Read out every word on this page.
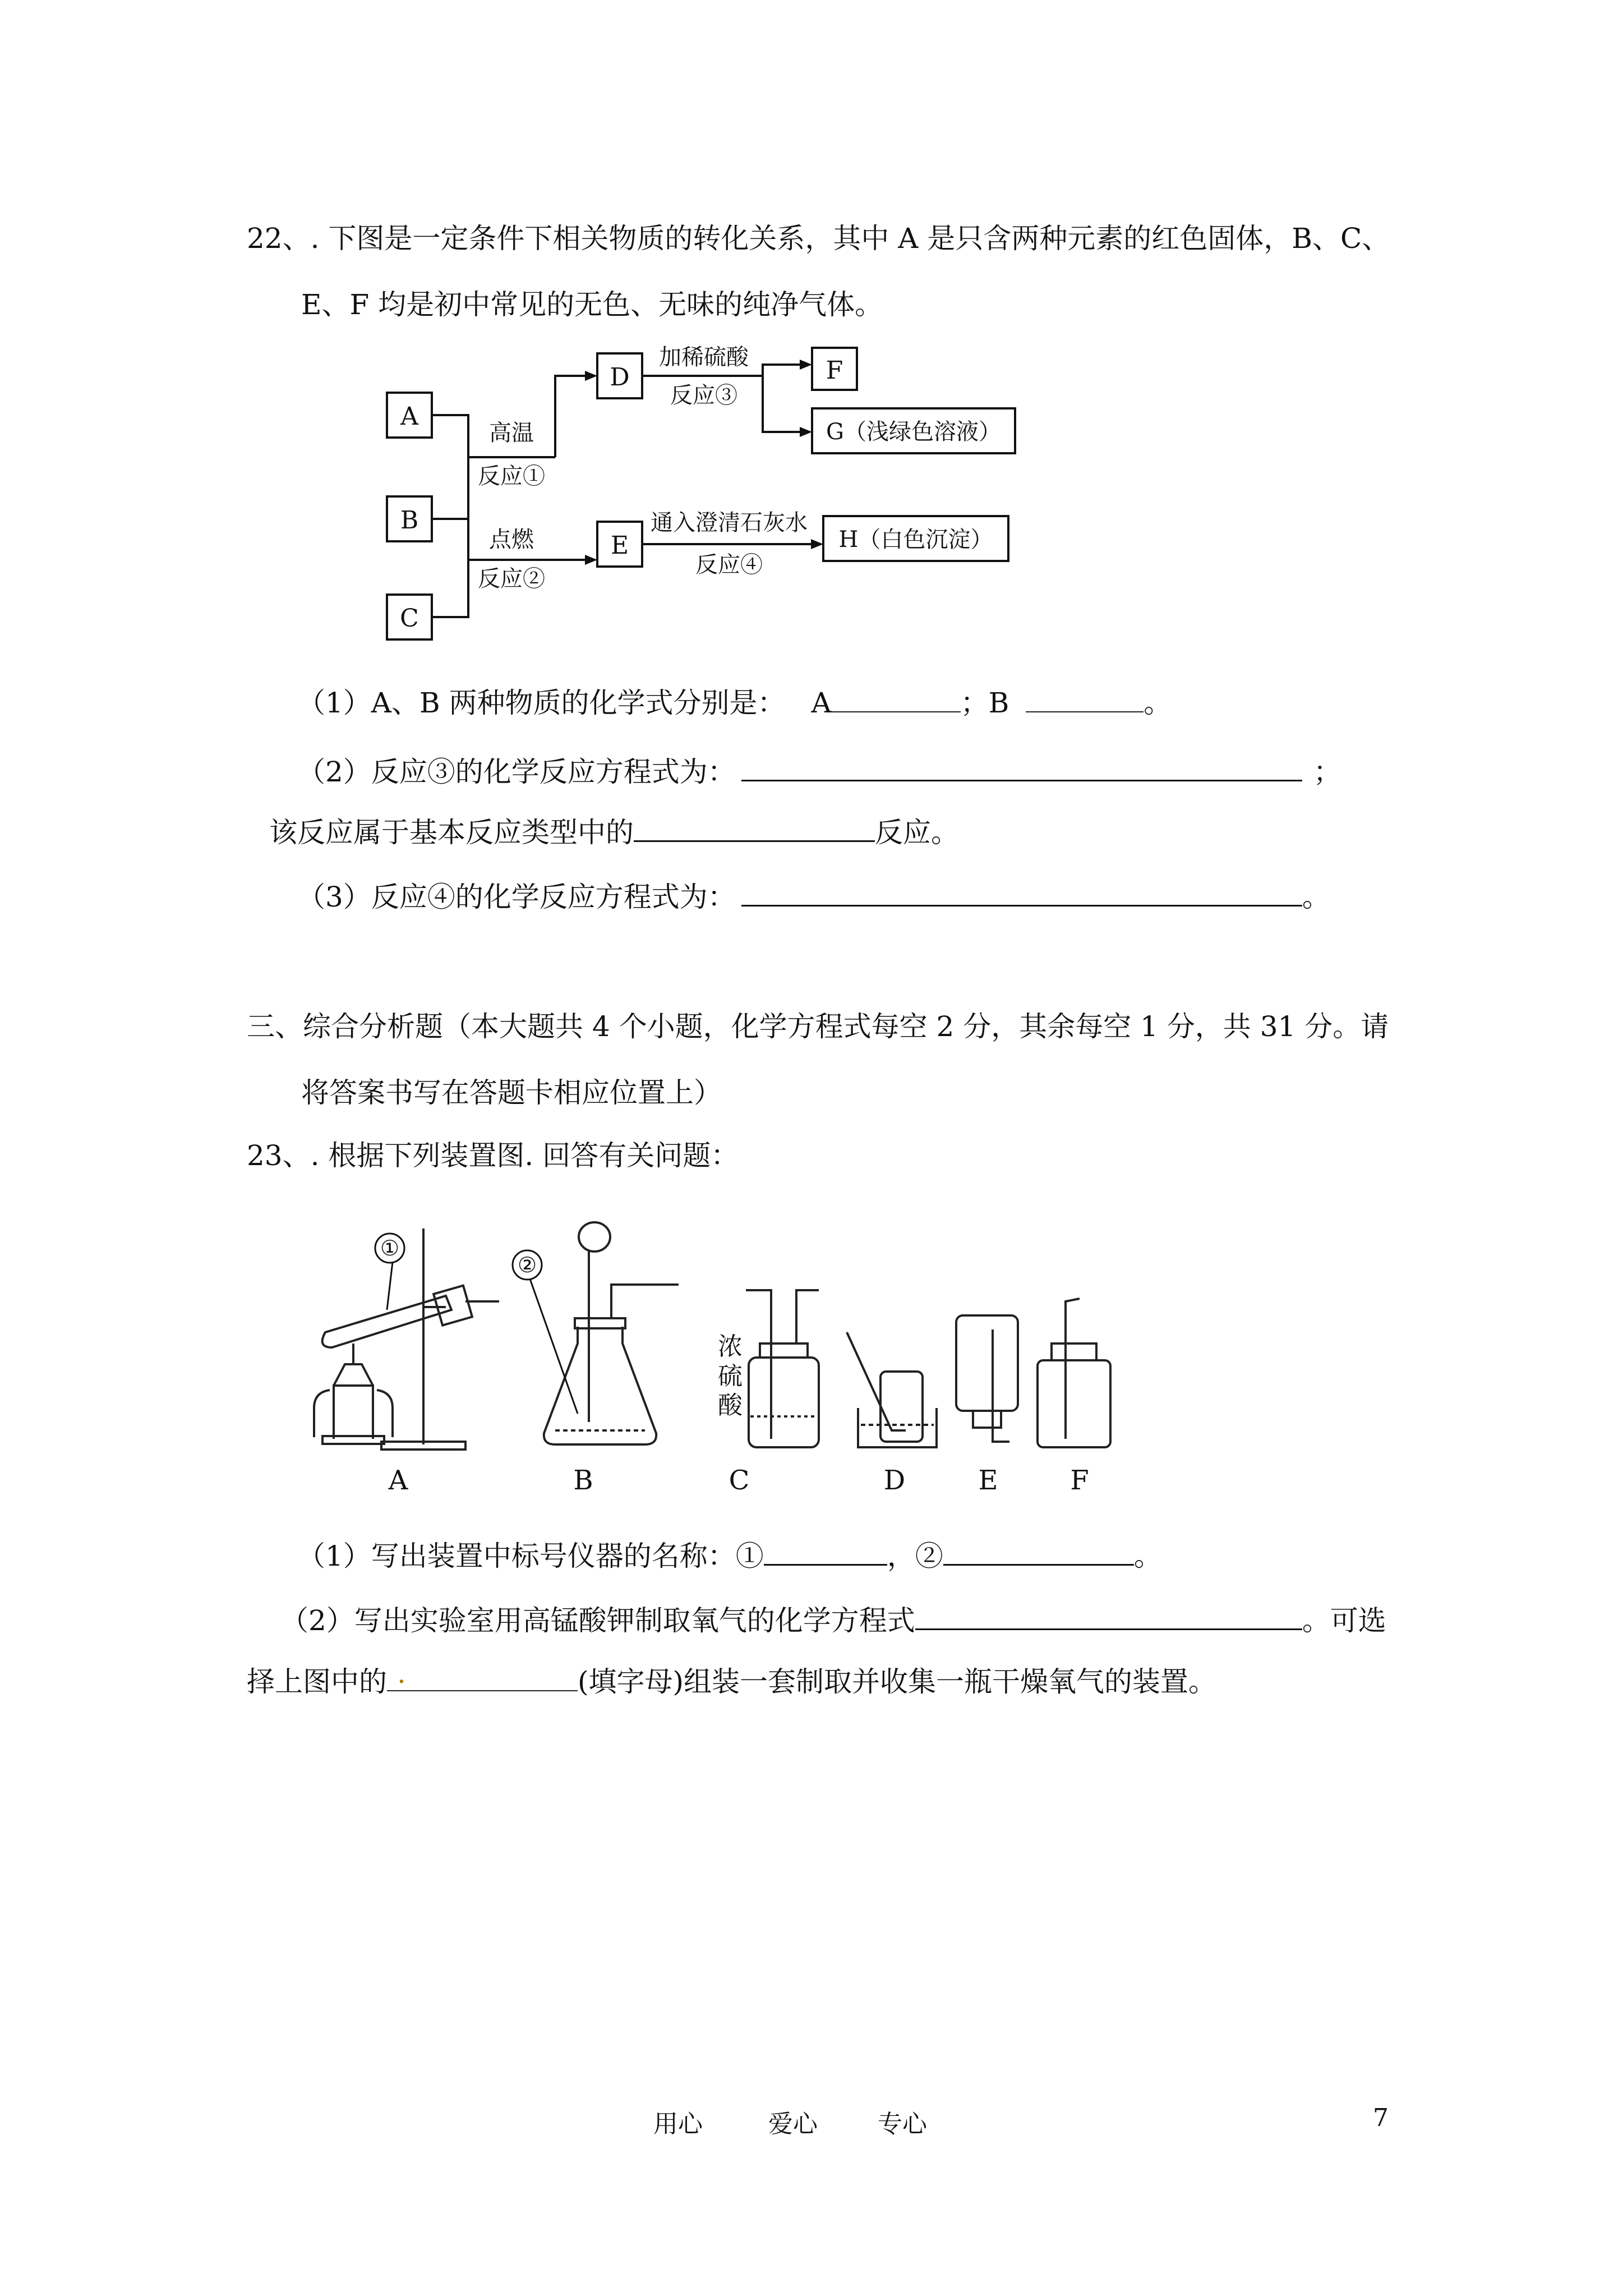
22、. 下图是一定条件下相关物质的转化关系，其中 A 是只含两种元素的红色固体，B、C、
E、F 均是初中常见的无色、无味的纯净气体。
A
B
C
D
E
F
G（浅绿色溶液）
H（白色沉淀）
高温
反应①
点燃
反应②
加稀硫酸
反应③
通入澄清石灰水
反应④
（1）A、B 两种物质的化学式分别是： A	；B	。
（2）反应③的化学反应方程式为：	；
该反应属于基本反应类型中的	反应。
（3）反应④的化学反应方程式为：	。
三、综合分析题（本大题共 4 个小题，化学方程式每空 2 分，其余每空 1 分，共 31 分。请
将答案书写在答题卡相应位置上）
23、. 根据下列装置图. 回答有关问题：
①
②
浓
硫
酸
A	B	C	D	E	F
（1）写出装置中标号仪器的名称：①	，②	。
（2）写出实验室用高锰酸钾制取氧气的化学方程式	。可选
择上图中的 .	(填字母)组装一套制取并收集一瓶干燥氧气的装置。
用心	爱心 专心	7
